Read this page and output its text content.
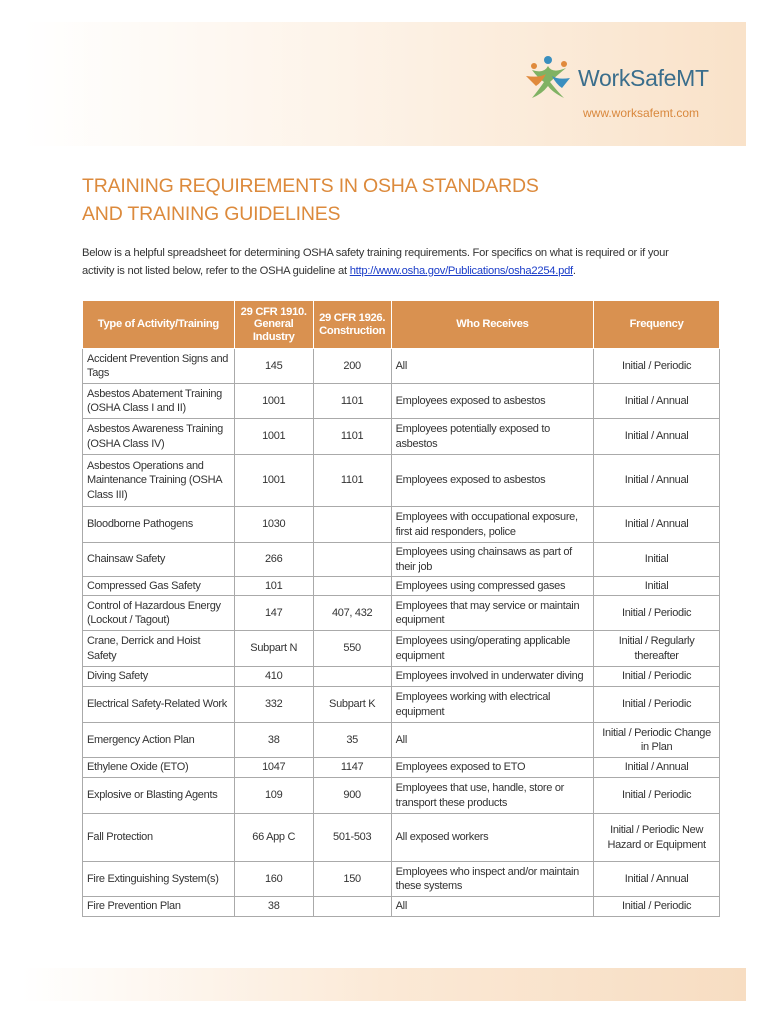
WorkSafeMT
www.worksafemt.com
TRAINING REQUIREMENTS IN OSHA STANDARDS
AND TRAINING GUIDELINES

Below is a helpful spreadsheet for determining OSHA safety training requirements. For specifics on what is required or if your activity is not listed below, refer to the OSHA guideline at http://www.osha.gov/Publications/osha2254.pdf.

Type of Activity/Training	29 CFR 1910. General Industry	29 CFR 1926. Construction	Who Receives	Frequency
Accident Prevention Signs and Tags	145	200	All	Initial / Periodic
Asbestos Abatement Training (OSHA Class I and II)	1001	1101	Employees exposed to asbestos	Initial / Annual
Asbestos Awareness Training (OSHA Class IV)	1001	1101	Employees potentially exposed to asbestos	Initial / Annual
Asbestos Operations and Maintenance Training (OSHA Class III)	1001	1101	Employees exposed to asbestos	Initial / Annual
Bloodborne Pathogens	1030		Employees with occupational exposure, first aid responders, police	Initial / Annual
Chainsaw Safety	266		Employees using chainsaws as part of their job	Initial
Compressed Gas Safety	101		Employees using compressed gases	Initial
Control of Hazardous Energy (Lockout / Tagout)	147	407, 432	Employees that may service or maintain equipment	Initial / Periodic
Crane, Derrick and Hoist Safety	Subpart N	550	Employees using/operating applicable equipment	Initial / Regularly thereafter
Diving Safety	410		Employees involved in underwater diving	Initial / Periodic
Electrical Safety-Related Work	332	Subpart K	Employees working with electrical equipment	Initial / Periodic
Emergency Action Plan	38	35	All	Initial / Periodic Change in Plan
Ethylene Oxide (ETO)	1047	1147	Employees exposed to ETO	Initial / Annual
Explosive or Blasting Agents	109	900	Employees that use, handle, store or transport these products	Initial / Periodic
Fall Protection	66 App C	501-503	All exposed workers	Initial / Periodic New Hazard or Equipment
Fire Extinguishing System(s)	160	150	Employees who inspect and/or maintain these systems	Initial / Annual
Fire Prevention Plan	38		All	Initial / Periodic
